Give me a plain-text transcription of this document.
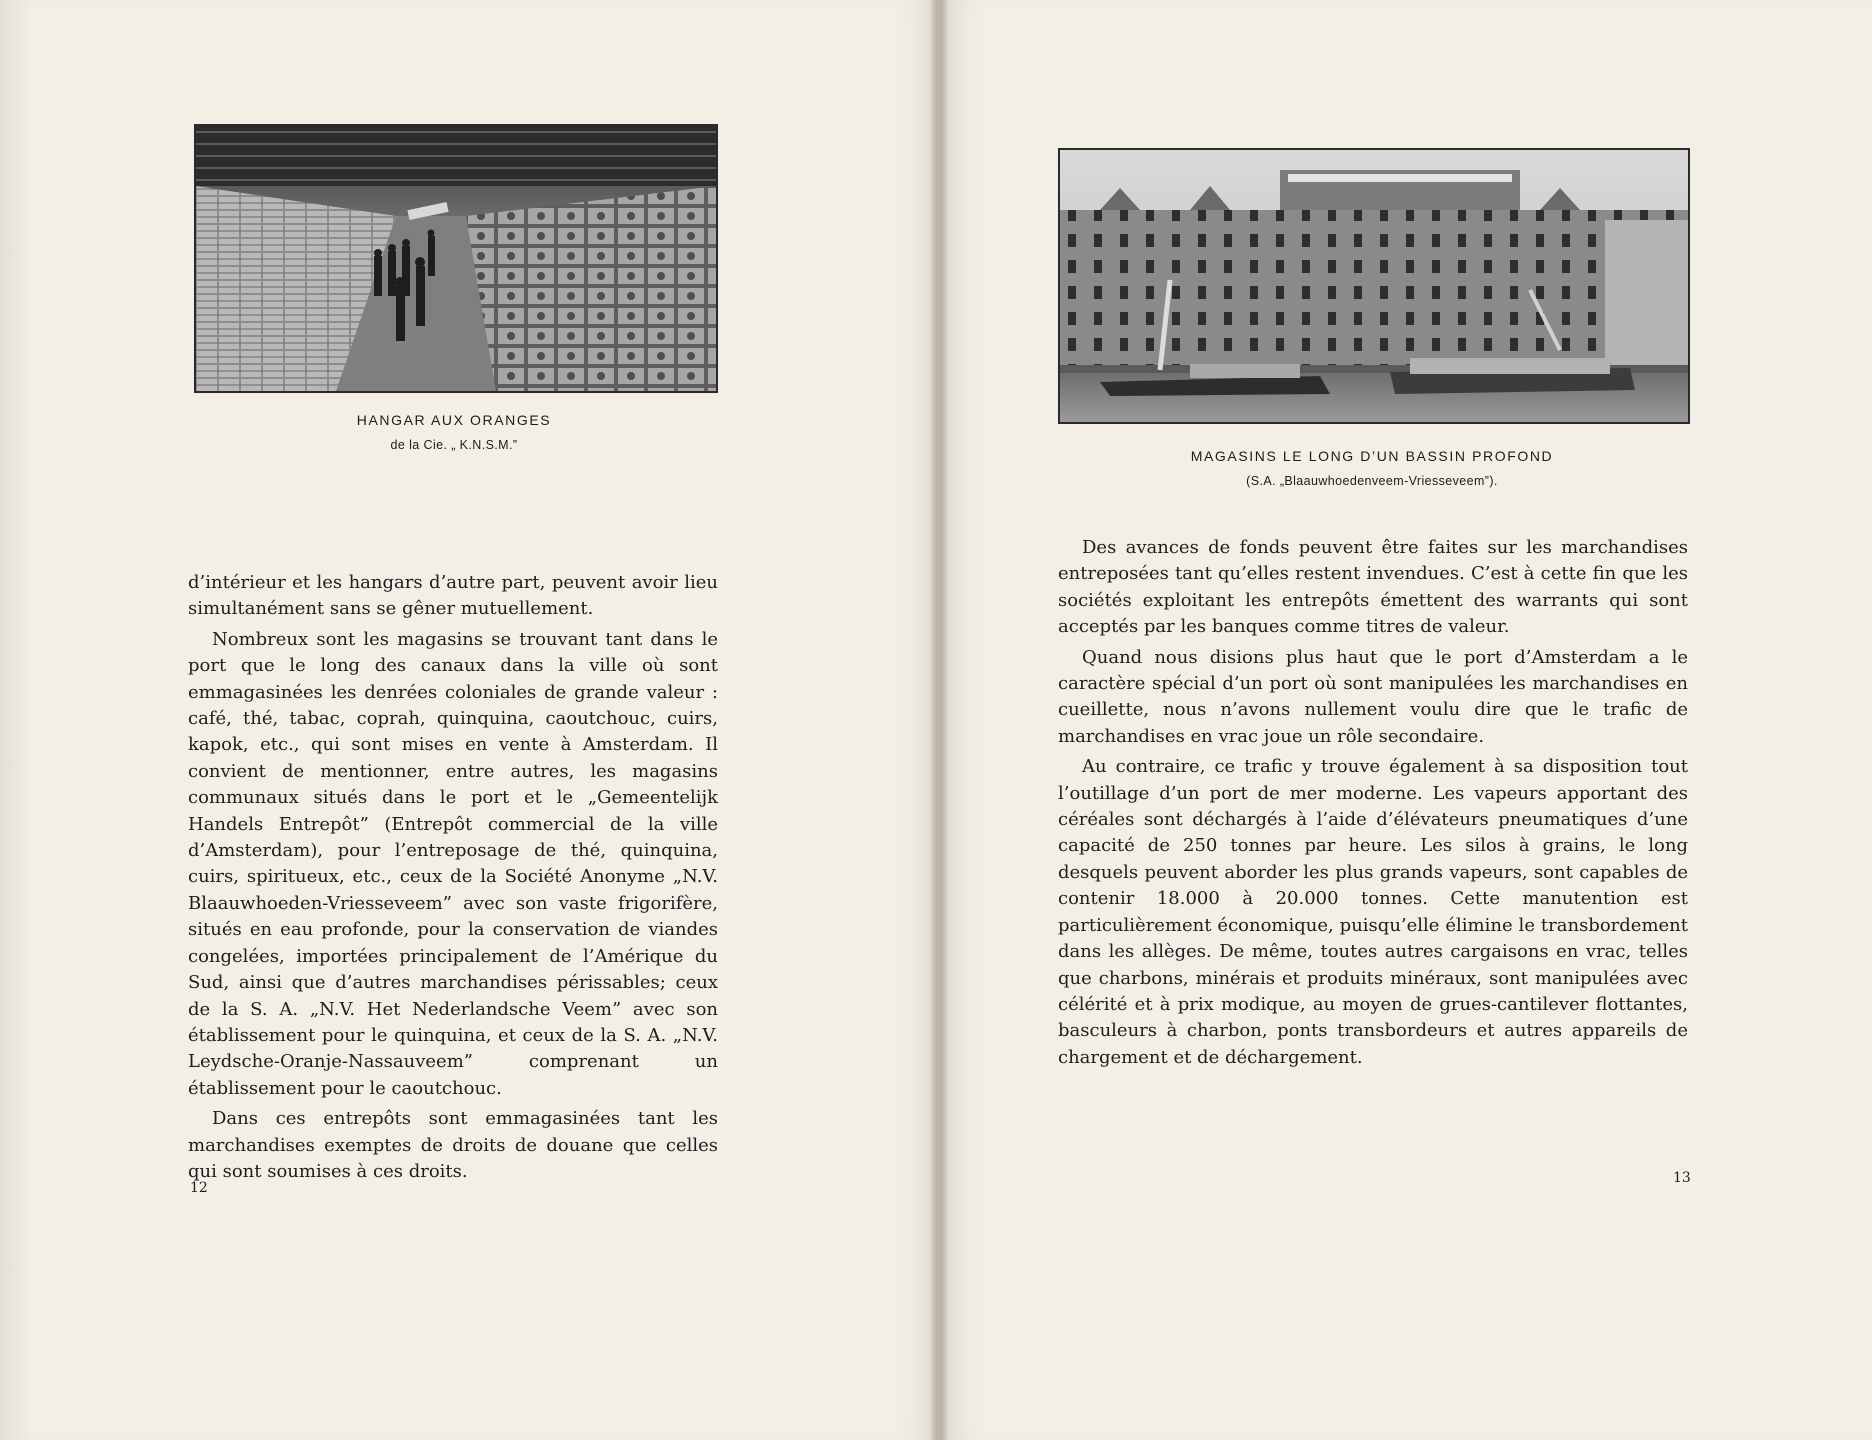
HANGAR AUX ORANGES
de la Cie. „ K.N.S.M.”

d’intérieur et les hangars d’autre part, peuvent avoir lieu simultanément sans se gêner mutuellement.

Nombreux sont les magasins se trouvant tant dans le port que le long des canaux dans la ville où sont emmagasinées les denrées coloniales de grande valeur : café, thé, tabac, coprah, quinquina, caoutchouc, cuirs, kapok, etc., qui sont mises en vente à Amsterdam. Il convient de mentionner, entre autres, les magasins communaux situés dans le port et le „Gemeentelijk Handels Entrepôt” (Entrepôt commercial de la ville d’Amsterdam), pour l’entreposage de thé, quinquina, cuirs, spiritueux, etc., ceux de la Société Anonyme „N.V. Blaauwhoeden-Vriesseveem” avec son vaste frigorifère, situés en eau profonde, pour la conservation de viandes congelées, importées principalement de l’Amérique du Sud, ainsi que d’autres marchandises périssables; ceux de la S. A. „N.V. Het Nederlandsche Veem” avec son établissement pour le quinquina, et ceux de la S. A. „N.V. Leydsche-Oranje-Nassauveem” comprenant un établissement pour le caoutchouc.

Dans ces entrepôts sont emmagasinées tant les marchandises exemptes de droits de douane que celles qui sont soumises à ces droits.

12
MAGASINS LE LONG D’UN BASSIN PROFOND
(S.A. „Blaauwhoedenveem-Vriesseveem”).

Des avances de fonds peuvent être faites sur les marchandises entreposées tant qu’elles restent invendues. C’est à cette fin que les sociétés exploitant les entrepôts émettent des warrants qui sont acceptés par les banques comme titres de valeur.

Quand nous disions plus haut que le port d’Amsterdam a le caractère spécial d’un port où sont manipulées les marchandises en cueillette, nous n’avons nullement voulu dire que le trafic de marchandises en vrac joue un rôle secondaire.

Au contraire, ce trafic y trouve également à sa disposition tout l’outillage d’un port de mer moderne. Les vapeurs apportant des céréales sont déchargés à l’aide d’élévateurs pneumatiques d’une capacité de 250 tonnes par heure. Les silos à grains, le long desquels peuvent aborder les plus grands vapeurs, sont capables de contenir 18.000 à 20.000 tonnes. Cette manutention est particulièrement économique, puisqu’elle élimine le transbordement dans les allèges. De même, toutes autres cargaisons en vrac, telles que charbons, minérais et produits minéraux, sont manipulées avec célérité et à prix modique, au moyen de grues-cantilever flottantes, basculeurs à charbon, ponts transbordeurs et autres appareils de chargement et de déchargement.

13
